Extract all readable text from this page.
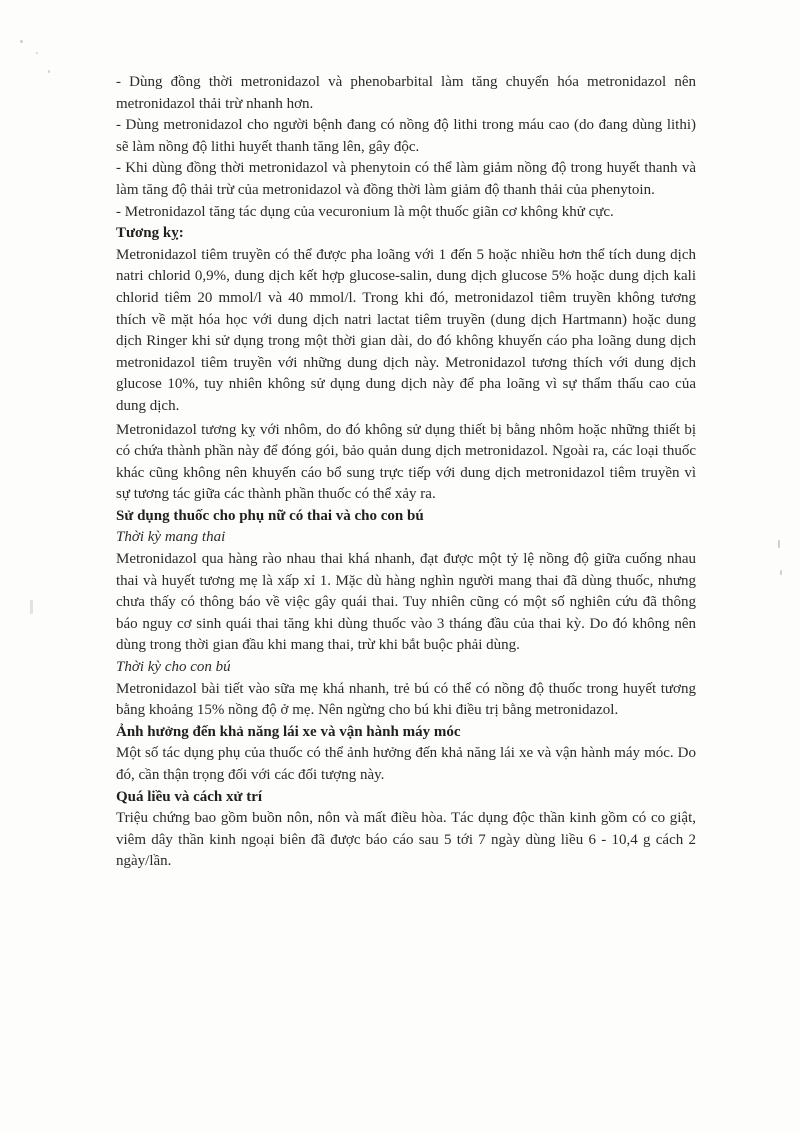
- Dùng đồng thời metronidazol và phenobarbital làm tăng chuyển hóa metronidazol nên metronidazol thải trừ nhanh hơn.

- Dùng metronidazol cho người bệnh đang có nồng độ lithi trong máu cao (do đang dùng lithi) sẽ làm nồng độ lithi huyết thanh tăng lên, gây độc.

- Khi dùng đồng thời metronidazol và phenytoin có thể làm giảm nồng độ trong huyết thanh và làm tăng độ thải trừ của metronidazol và đồng thời làm giảm độ thanh thải của phenytoin.

- Metronidazol tăng tác dụng của vecuronium là một thuốc giãn cơ không khử cực.

Tương kỵ:

Metronidazol tiêm truyền có thể được pha loãng với 1 đến 5 hoặc nhiều hơn thể tích dung dịch natri chlorid 0,9%, dung dịch kết hợp glucose-salin, dung dịch glucose 5% hoặc dung dịch kali chlorid tiêm 20 mmol/l và 40 mmol/l. Trong khi đó, metronidazol tiêm truyền không tương thích về mặt hóa học với dung dịch natri lactat tiêm truyền (dung dịch Hartmann) hoặc dung dịch Ringer khi sử dụng trong một thời gian dài, do đó không khuyến cáo pha loãng dung dịch metronidazol tiêm truyền với những dung dịch này. Metronidazol tương thích với dung dịch glucose 10%, tuy nhiên không sử dụng dung dịch này để pha loãng vì sự thẩm thấu cao của dung dịch.

Metronidazol tương kỵ với nhôm, do đó không sử dụng thiết bị bằng nhôm hoặc những thiết bị có chứa thành phần này để đóng gói, bảo quản dung dịch metronidazol. Ngoài ra, các loại thuốc khác cũng không nên khuyến cáo bổ sung trực tiếp với dung dịch metronidazol tiêm truyền vì sự tương tác giữa các thành phần thuốc có thể xảy ra.

Sử dụng thuốc cho phụ nữ có thai và cho con bú

Thời kỳ mang thai

Metronidazol qua hàng rào nhau thai khá nhanh, đạt được một tỷ lệ nồng độ giữa cuống nhau thai và huyết tương mẹ là xấp xỉ 1. Mặc dù hàng nghìn người mang thai đã dùng thuốc, nhưng chưa thấy có thông báo về việc gây quái thai. Tuy nhiên cũng có một số nghiên cứu đã thông báo nguy cơ sinh quái thai tăng khi dùng thuốc vào 3 tháng đầu của thai kỳ. Do đó không nên dùng trong thời gian đầu khi mang thai, trừ khi bắt buộc phải dùng.

Thời kỳ cho con bú

Metronidazol bài tiết vào sữa mẹ khá nhanh, trẻ bú có thể có nồng độ thuốc trong huyết tương bằng khoảng 15% nồng độ ở mẹ. Nên ngừng cho bú khi điều trị bằng metronidazol.

Ảnh hưởng đến khả năng lái xe và vận hành máy móc

Một số tác dụng phụ của thuốc có thể ảnh hưởng đến khả năng lái xe và vận hành máy móc. Do đó, cần thận trọng đối với các đối tượng này.

Quá liều và cách xử trí

Triệu chứng bao gồm buồn nôn, nôn và mất điều hòa. Tác dụng độc thần kinh gồm có co giật, viêm dây thần kinh ngoại biên đã được báo cáo sau 5 tới 7 ngày dùng liều 6 - 10,4 g cách 2 ngày/lần.
